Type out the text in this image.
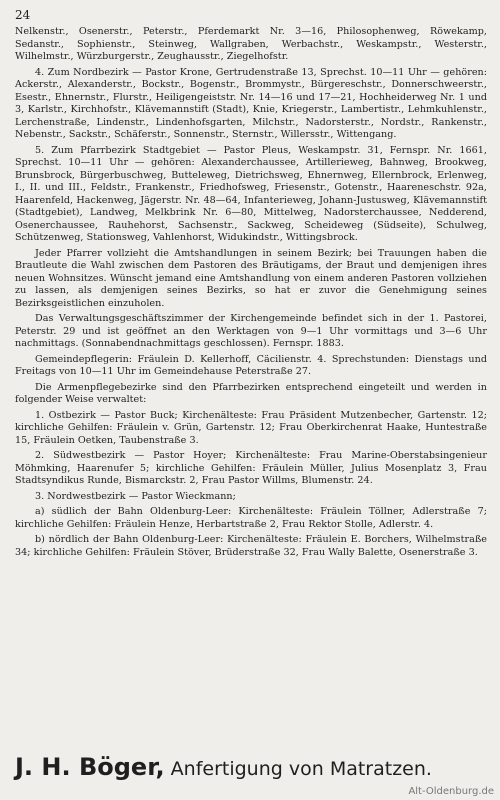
24

Nelkenstr., Osenerstr., Peterstr., Pferdemarkt Nr. 3—16, Philosophenweg, Röwekamp, Sedanstr., Sophienstr., Steinweg, Wallgraben, Werbachstr., Weskampstr., Westerstr., Wilhelmstr., Würzburgerstr., Zeughausstr., Ziegelhofstr.

4. Zum Nordbezirk — Pastor Krone, Gertrudenstraße 13, Sprechst. 10—11 Uhr — gehören: Ackerstr., Alexanderstr., Bockstr., Bogenstr., Brommystr., Bürgereschstr., Donnerschweerstr., Esestr., Ehnernstr., Flurstr., Heiligengeiststr. Nr. 14—16 und 17—21, Hochheiderweg Nr. 1 und 3, Karlstr., Kirchhofstr., Klävemannstift (Stadt), Knie, Kriegerstr., Lambertistr., Lehmkuhlenstr., Lerchenstraße, Lindenstr., Lindenhofsgarten, Milchstr., Nadorsterstr., Nordstr., Rankenstr., Nebenstr., Sackstr., Schäferstr., Sonnenstr., Sternstr., Willersstr., Wittengang.

5. Zum Pfarrbezirk Stadtgebiet — Pastor Pleus, Weskampstr. 31, Fernspr. Nr. 1661, Sprechst. 10—11 Uhr — gehören: Alexanderchaussee, Artillerieweg, Bahnweg, Brookweg, Brunsbrock, Bürgerbuschweg, Butteleweg, Dietrichsweg, Ehnernweg, Ellernbrock, Erlenweg, I., II. und III., Feldstr., Frankenstr., Friedhofsweg, Friesenstr., Gotenstr., Haareneschstr. 92a, Haarenfeld, Hackenweg, Jägerstr. Nr. 48—64, Infanterieweg, Johann-Justusweg, Klävemannstift (Stadtgebiet), Landweg, Melkbrink Nr. 6—80, Mittelweg, Nadorsterchaussee, Nedderend, Osenerchaussee, Rauhehorst, Sachsenstr., Sackweg, Scheideweg (Südseite), Schulweg, Schützenweg, Stationsweg, Vahlenhorst, Widukindstr., Wittingsbrock.

Jeder Pfarrer vollzieht die Amtshandlungen in seinem Bezirk; bei Trauungen haben die Brautleute die Wahl zwischen dem Pastoren des Bräutigams, der Braut und demjenigen ihres neuen Wohnsitzes. Wünscht jemand eine Amtshandlung von einem anderen Pastoren vollziehen zu lassen, als demjenigen seines Bezirks, so hat er zuvor die Genehmigung seines Bezirksgeistlichen einzuholen.

Das Verwaltungsgeschäftszimmer der Kirchengemeinde befindet sich in der 1. Pastorei, Peterstr. 29 und ist geöffnet an den Werktagen von 9—1 Uhr vormittags und 3—6 Uhr nachmittags. (Sonnabendnachmittags geschlossen). Fernspr. 1883.

Gemeindepflegerin: Fräulein D. Kellerhoff, Cäcilienstr. 4. Sprechstunden: Dienstags und Freitags von 10—11 Uhr im Gemeindehause Peterstraße 27.

Die Armenpflegebezirke sind den Pfarrbezirken entsprechend eingeteilt und werden in folgender Weise verwaltet:

1. Ostbezirk — Pastor Buck; Kirchenälteste: Frau Präsident Mutzenbecher, Gartenstr. 12; kirchliche Gehilfen: Fräulein v. Grün, Gartenstr. 12; Frau Oberkirchenrat Haake, Huntestraße 15, Fräulein Oetken, Taubenstraße 3.

2. Südwestbezirk — Pastor Hoyer; Kirchenälteste: Frau Marine-Oberstabsingenieur Möhmking, Haarenufer 5; kirchliche Gehilfen: Fräulein Müller, Julius Mosenplatz 3, Frau Stadtsyndikus Runde, Bismarckstr. 2, Frau Pastor Willms, Blumenstr. 24.

3. Nordwestbezirk — Pastor Wieckmann;

a) südlich der Bahn Oldenburg-Leer: Kirchenälteste: Fräulein Töllner, Adlerstraße 7; kirchliche Gehilfen: Fräulein Henze, Herbartstraße 2, Frau Rektor Stolle, Adlerstr. 4.

b) nördlich der Bahn Oldenburg-Leer: Kirchenälteste: Fräulein E. Borchers, Wilhelmstraße 34; kirchliche Gehilfen: Fräulein Stöver, Brüderstraße 32, Frau Wally Balette, Osenerstraße 3.

J. H. Böger, Anfertigung von Matratzen.
Alt-Oldenburg.de
